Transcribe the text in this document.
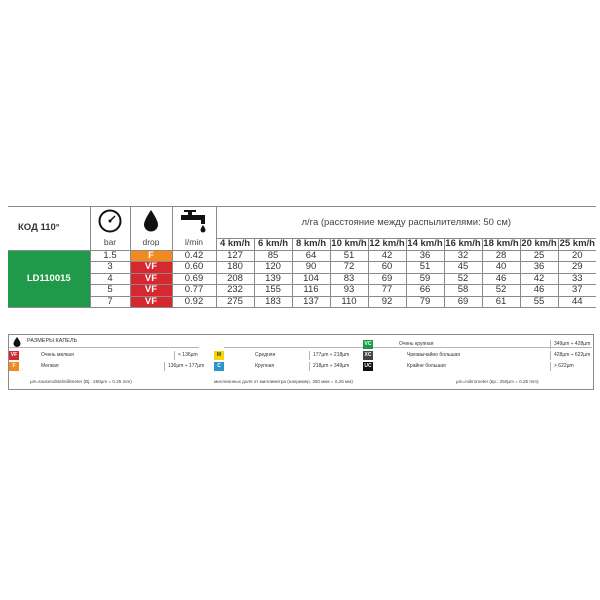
КОД 110°	bar	drop	l/min	л/га (расстояние между распылителями: 50 см)									
				4 km/h	6 km/h	8 km/h	10 km/h	12 km/h	14 km/h	16 km/h	18 km/h	20 km/h	25 km/h
LD110015	1.5	F	0.42	127	85	64	51	42	36	32	28	25	20
	3	VF	0.60	180	120	90	72	60	51	45	40	36	29
	4	VF	0.69	208	139	104	83	69	59	52	46	42	33
	5	VF	0.77	232	155	116	93	77	66	58	52	46	37
	7	VF	0.92	275	183	137	110	92	79	69	61	55	44
РАЗМЕРЫ КАПЕЛЬ
VF	Очень мелкая	< 136µm
F	Мелкая	136µm ÷ 177µm
M	Средняя	177µm ÷ 218µm
C	Крупная	218µm ÷ 349µm
VC	Очень крупная	349µm ÷ 428µm
XC	Чрезвычайно большая	428µm ÷ 622µm
UC	Крайне большая	> 622µm
µm=tausendstelmillimeter (Bj.: 250µm = 0.25 mm)	миллионных доля от миллиметра (например, 250 мкм = 0,25 мм)	µm=mikrometer (вр.: 250µm = 0.25 mm)
